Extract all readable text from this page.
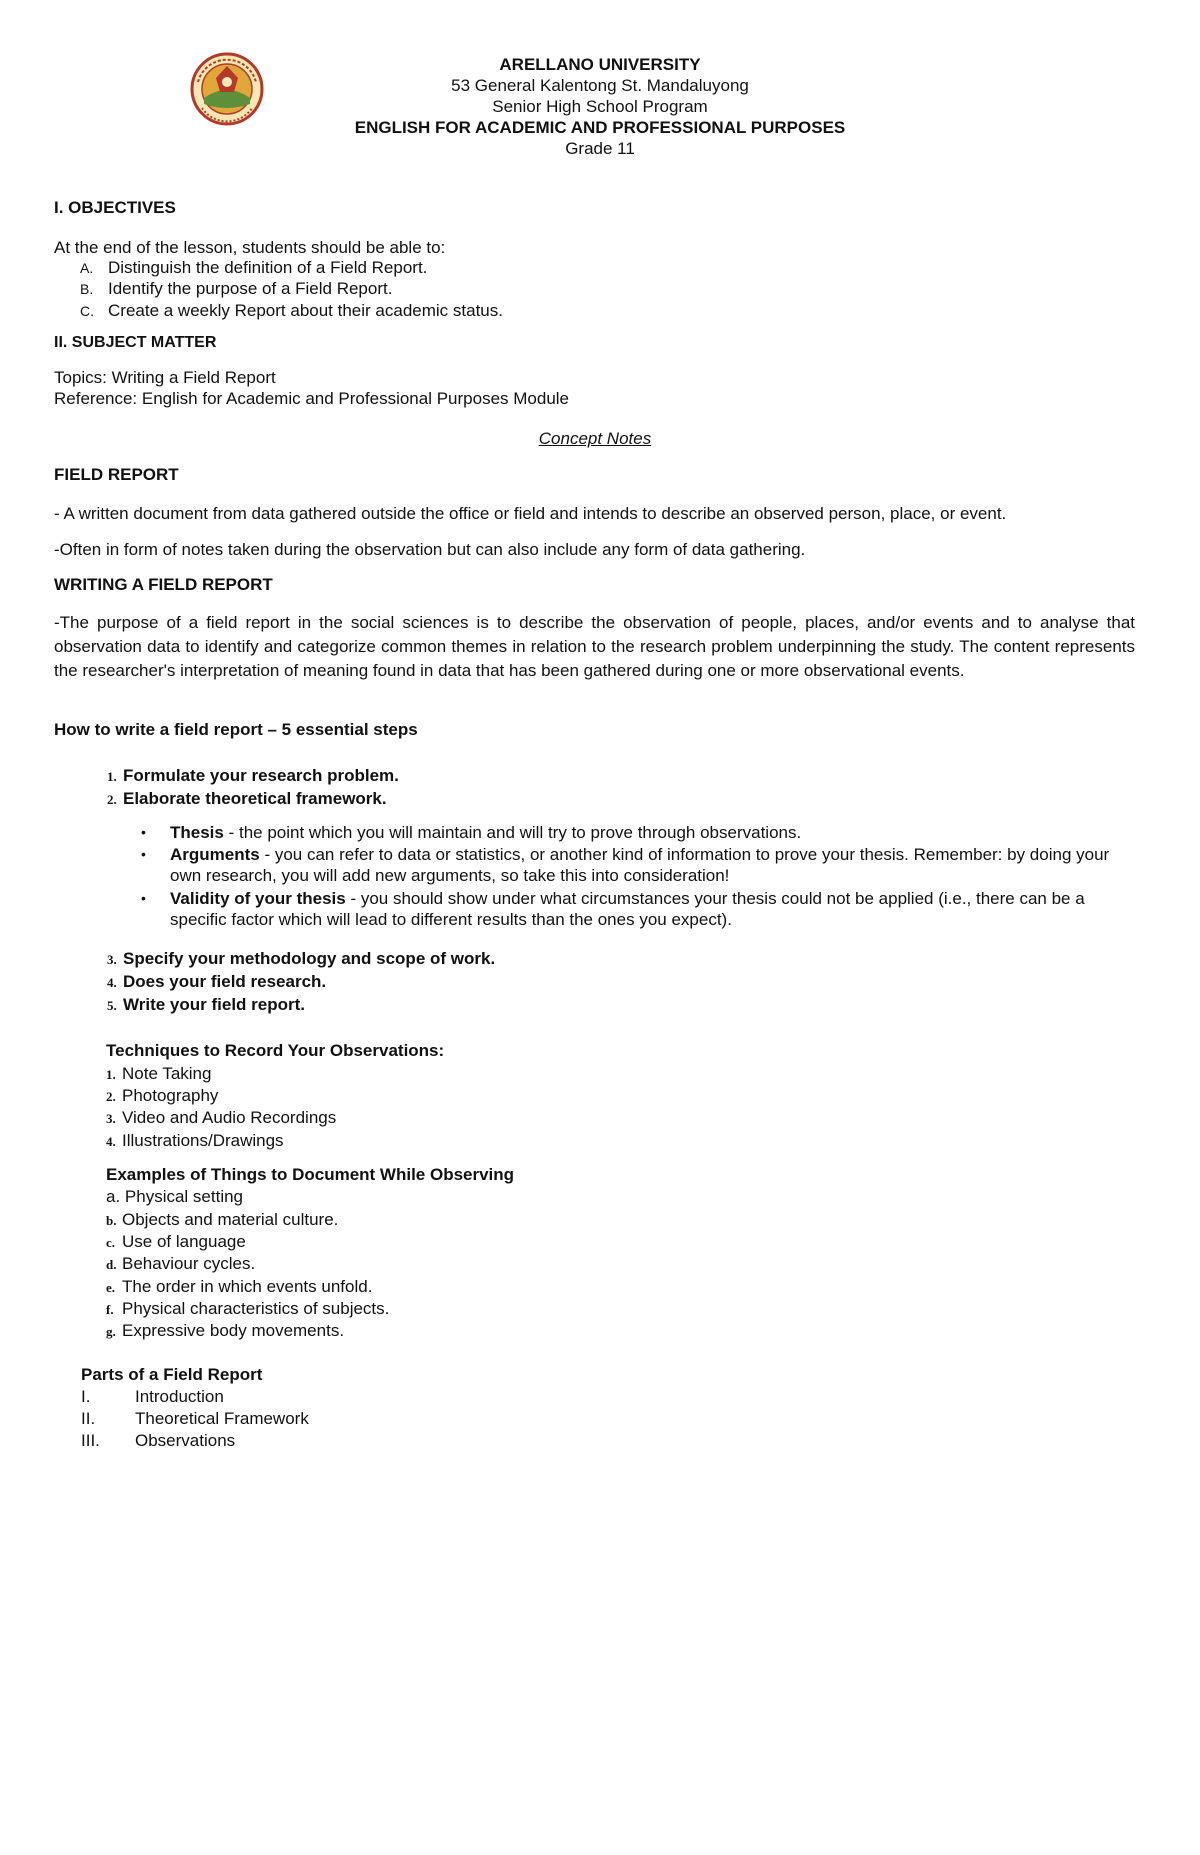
ARELLANO UNIVERSITY
53 General Kalentong St. Mandaluyong
Senior High School Program
ENGLISH FOR ACADEMIC AND PROFESSIONAL PURPOSES
Grade 11
I. OBJECTIVES
At the end of the lesson, students should be able to:
A. Distinguish the definition of a Field Report.
B. Identify the purpose of a Field Report.
C. Create a weekly Report about their academic status.
II. SUBJECT MATTER
Topics: Writing a Field Report
Reference: English for Academic and Professional Purposes Module
Concept Notes
FIELD REPORT
- A written document from data gathered outside the office or field and intends to describe an observed person, place, or event.
-Often in form of notes taken during the observation but can also include any form of data gathering.
WRITING A FIELD REPORT
-The purpose of a field report in the social sciences is to describe the observation of people, places, and/or events and to analyse that observation data to identify and categorize common themes in relation to the research problem underpinning the study. The content represents the researcher's interpretation of meaning found in data that has been gathered during one or more observational events.
How to write a field report – 5 essential steps
1. Formulate your research problem.
2. Elaborate theoretical framework.
• Thesis - the point which you will maintain and will try to prove through observations.
• Arguments - you can refer to data or statistics, or another kind of information to prove your thesis. Remember: by doing your own research, you will add new arguments, so take this into consideration!
• Validity of your thesis - you should show under what circumstances your thesis could not be applied (i.e., there can be a specific factor which will lead to different results than the ones you expect).
3. Specify your methodology and scope of work.
4. Does your field research.
5. Write your field report.
Techniques to Record Your Observations:
1. Note Taking
2. Photography
3. Video and Audio Recordings
4. Illustrations/Drawings
Examples of Things to Document While Observing
a. Physical setting
b. Objects and material culture.
c. Use of language
d. Behaviour cycles.
e. The order in which events unfold.
f. Physical characteristics of subjects.
g. Expressive body movements.
Parts of a Field Report
I.	Introduction
II. Theoretical Framework
III. Observations
